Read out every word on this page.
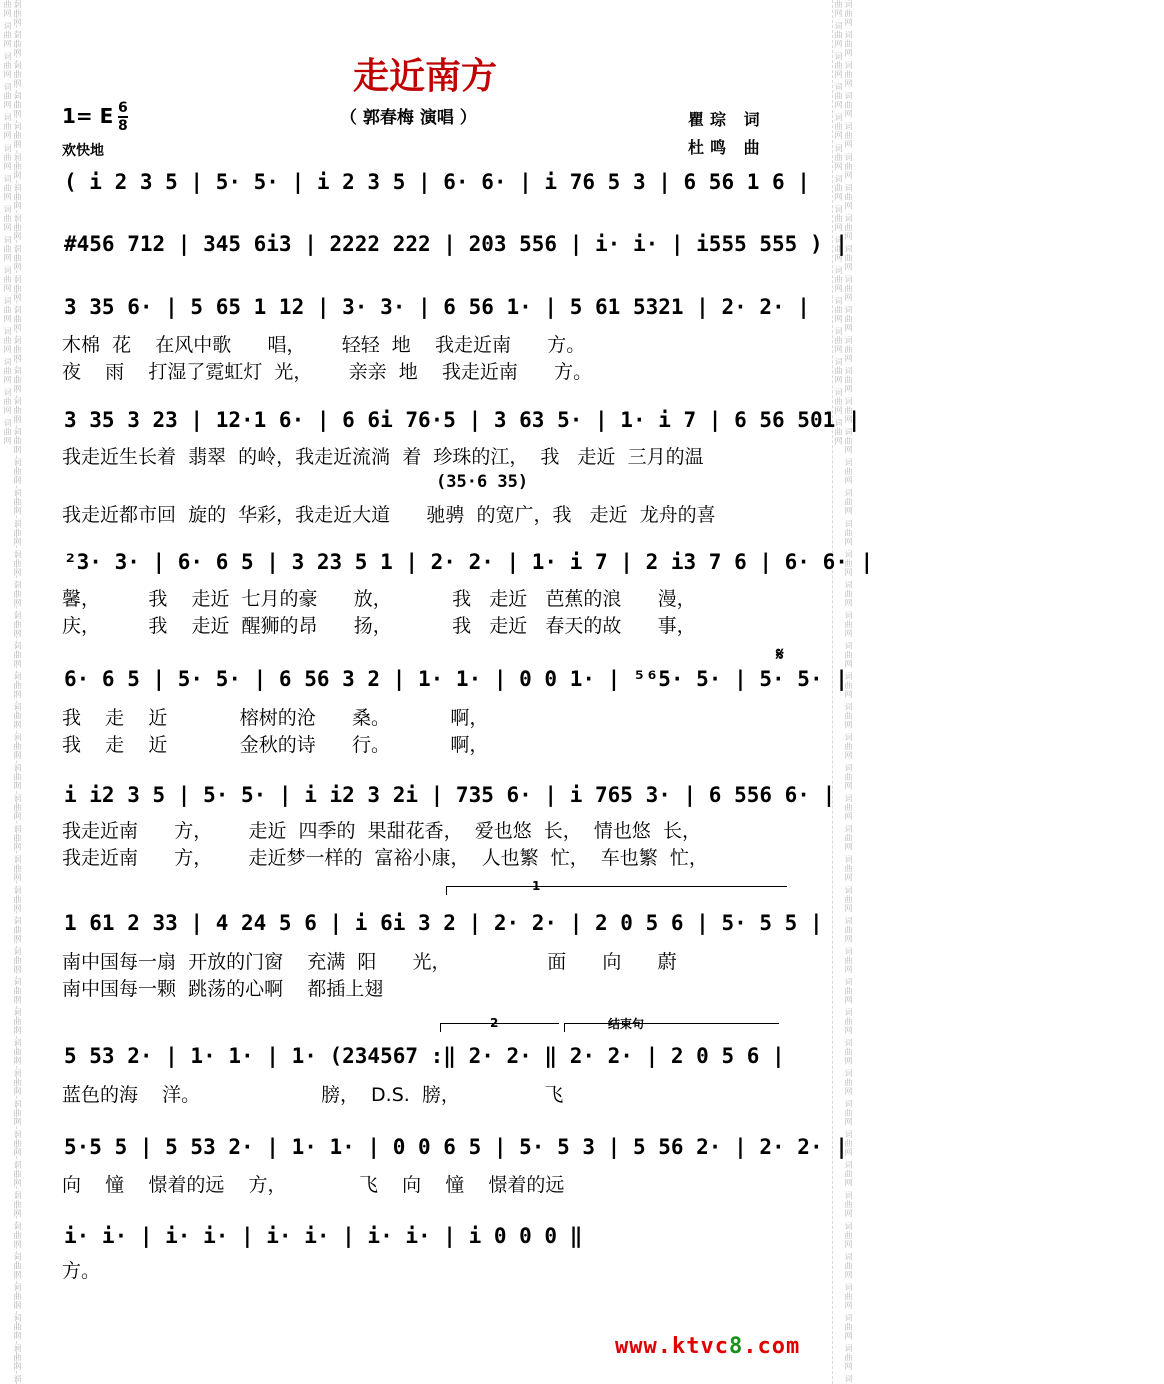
词曲网 词曲网 词曲网 词曲网 词曲网 词曲网 词曲网 词曲网 词曲网 词曲网 词曲网 词曲网 词曲网 词曲网 词曲网 词曲网 词曲网 词曲网 词曲网 词曲网 词曲网 词曲网 词曲网 词曲网 词曲网 词曲网 词曲网 词曲网 词曲网 词曲网 词曲网 词曲网 词曲网 词曲网 词曲网 词曲网 词曲网 词曲网 词曲网 词曲网 词曲网 词曲网 词曲网 词曲网 词曲网 词曲网 词曲网 词曲网 词曲网 词曲网 词曲网 词曲网 词曲网 词曲网 词曲网 词曲网 词曲网 词曲网 词曲网 词曲网	词曲网 词曲网 词曲网 词曲网 词曲网 词曲网 词曲网 词曲网 词曲网 词曲网 词曲网 词曲网 词曲网 词曲网 词曲网 词曲网 词曲网 词曲网 词曲网 词曲网 词曲网 词曲网 词曲网 词曲网 词曲网 词曲网 词曲网 词曲网 词曲网 词曲网 词曲网 词曲网 词曲网 词曲网 词曲网 词曲网 词曲网 词曲网 词曲网 词曲网 词曲网 词曲网 词曲网 词曲网 词曲网 词曲网 词曲网 词曲网 词曲网 词曲网 词曲网 词曲网 词曲网 词曲网 词曲网 词曲网 词曲网 词曲网 词曲网 词曲网
走近南方
（ 郭春梅 演唱 ）
1= E $\frac{6}{8}$
欢快地
瞿琮 词
杜鸣 曲
( i 2 3 5 | 5· 5· | i 2 3 5 | 6· 6· | i 76 5 3 | 6 56 1 6 |
#456 712 | 345 6i3 | 2222 222 | 203 556 | i· i· | i555 555 ) |
3 35 6· | 5 65 1 12 | 3· 3· | 6 56 1· | 5 61 5321 | 2· 2· |
木棉  花    在风中歌      唱，      轻轻  地    我走近南      方。
夜    雨    打湿了霓虹灯  光，      亲亲  地    我走近南      方。
3 35 3 23 | 12·1 6· | 6 6i 76·5 | 3 63 5· | 1· i 7 | 6 56 501 |
我走近生长着  翡翠  的岭，我走近流淌  着  珍珠的江，  我   走近  三月的温
(35·6 35)
我走近都市回  旋的  华彩，我走近大道      驰骋  的宽广，我   走近  龙舟的喜
²3· 3· | 6· 6 5 | 3 23 5 1 | 2· 2· | 1· i 7 | 2 i3 7 6 | 6· 6· |
馨，        我    走近  七月的豪      放，          我   走近   芭蕉的浪      漫，
庆，        我    走近  醒狮的昂      扬，          我   走近   春天的故      事，
6· 6 5 | 5· 5· | 6 56 3 2 | 1· 1· | 0 0 1· | ⁵⁶5· 5· | 5· 5· |
我    走    近            榕树的沧      桑。          啊，
我    走    近            金秋的诗      行。          啊，
𝄋
i i2 3 5 | 5· 5· | i i2 3 2i | 735 6· | i 765 3· | 6 556 6· |
我走近南      方，      走近  四季的  果甜花香，  爱也悠  长，  情也悠  长，
我走近南      方，      走近梦一样的  富裕小康，  人也繁  忙，  车也繁  忙，
1
1 61 2 33 | 4 24 5 6 | i 6i 3 2 | 2· 2· | 2 0 5 6 | 5· 5 5 |
南中国每一扇  开放的门窗    充满  阳      光，                面      向      蔚
南中国每一颗  跳荡的心啊    都插上翅
2	结束句
5 53 2· | 1· 1· | 1· (234567 :‖ 2· 2· ‖ 2· 2· | 2 0 5 6 |
蓝色的海    洋。                    膀，  D.S.  膀，              飞
5·5 5 | 5 53 2· | 1· 1· | 0 0 6 5 | 5· 5 3 | 5 56 2· | 2· 2· |
向    憧    憬着的远    方，            飞    向    憧    憬着的远
i· i· | i· i· | i· i· | i· i· | i 0 0 0 ‖
方。
www.ktvc8.com
